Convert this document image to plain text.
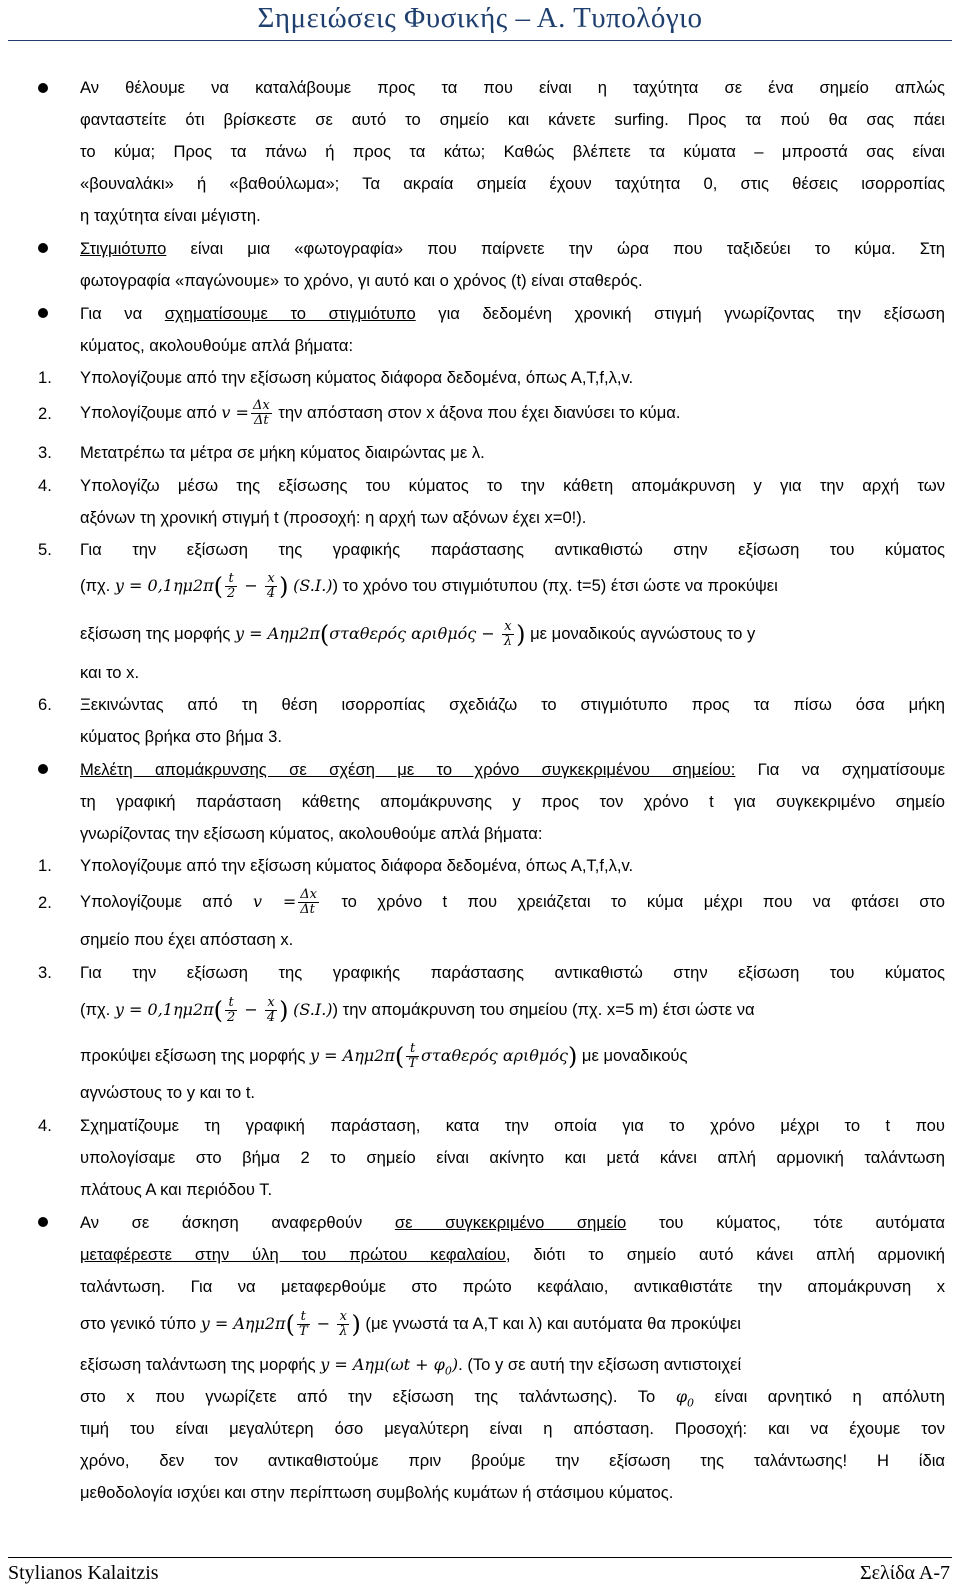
Σημειώσεις Φυσικής – Α. Τυπολόγιο
Αν θέλουμε να καταλάβουμε προς τα που είναι η ταχύτητα σε ένα σημείο απλώς
φανταστείτε ότι βρίσκεστε σε αυτό το σημείο και κάνετε surfing. Προς τα πού θα σας πάει
το κύμα; Προς τα πάνω ή προς τα κάτω; Καθώς βλέπετε τα κύματα – μπροστά σας είναι
«βουναλάκι» ή «βαθούλωμα»; Τα ακραία σημεία έχουν ταχύτητα 0, στις θέσεις ισορροπίας
η ταχύτητα είναι μέγιστη.
Στιγμιότυπο είναι μια «φωτογραφία» που παίρνετε την ώρα που ταξιδεύει το κύμα. Στη
φωτογραφία «παγώνουμε» το χρόνο, γι αυτό και ο χρόνος (t) είναι σταθερός.
Για να σχηματίσουμε το στιγμιότυπο για δεδομένη χρονική στιγμή γνωρίζοντας την εξίσωση
κύματος, ακολουθούμε απλά βήματα:
1. Υπολογίζουμε από την εξίσωση κύματος διάφορα δεδομένα, όπως Α,Τ,f,λ,v.
2. Υπολογίζουμε από $v = \frac{\Delta x}{\Delta t}$ την απόσταση στον x άξονα που έχει διανύσει το κύμα.
3. Μετατρέπω τα μέτρα σε μήκη κύματος διαιρώντας με λ.
4. Υπολογίζω μέσω της εξίσωσης του κύματος το την κάθετη απομάκρυνση y για την αρχή των
αξόνων τη χρονική στιγμή t (προσοχή: η αρχή των αξόνων έχει x=0!).
5. Για την εξίσωση της γραφικής παράστασης αντικαθιστώ στην εξίσωση του κύματος
(πχ. $y = 0,1\eta\mu 2\pi( \frac{t}{2} - \frac{x}{4}$ ) (S.I.)) το χρόνο του στιγμιότυπου (πχ. t=5) έτσι ώστε να προκύψει
εξίσωση της μορφής y = Αημ2π(σταθερός $\alpha\rho\iota\theta\mu ό\varsigma - \frac{x}{\lambda}$ ) με μοναδικούς αγνώστους το y
και το x.
6. Ξεκινώντας από τη θέση ισορροπίας σχεδιάζω το στιγμιότυπο προς τα πίσω όσα μήκη
κύματος βρήκα στο βήμα 3.
Μελέτη απομάκρυνσης σε σχέση με το χρόνο συγκεκριμένου σημείου: Για να σχηματίσουμε
τη γραφική παράσταση κάθετης απομάκρυνσης y προς τον χρόνο t για συγκεκριμένο σημείο
γνωρίζοντας την εξίσωση κύματος, ακολουθούμε απλά βήματα:
1. Υπολογίζουμε από την εξίσωση κύματος διάφορα δεδομένα, όπως Α,Τ,f,λ,v.
2. Υπολογίζουμε από $v = \frac{\Delta x}{\Delta t}$ το χρόνο t που χρειάζεται το κύμα μέχρι που να φτάσει στο
σημείο που έχει απόσταση x.
3. Για την εξίσωση της γραφικής παράστασης αντικαθιστώ στην εξίσωση του κύματος
(πχ. $y = 0,1\eta\mu 2\pi( \frac{t}{2} - \frac{x}{4}$ ) (S.I.)) την απομάκρυνση του σημείου (πχ. x=5 m) έτσι ώστε να
προκύψει εξίσωση της μορφής $y = A\eta\mu 2\pi( \frac{t}{T}$ σταθερός αριθμός) με μοναδικούς
αγνώστους το y και το t.
4. Σχηματίζουμε τη γραφική παράσταση, κατα την οποία για το χρόνο μέχρι το t που
υπολογίσαμε στο βήμα 2 το σημείο είναι ακίνητο και μετά κάνει απλή αρμονική ταλάντωση
πλάτους Α και περιόδου Τ.
Αν σε άσκηση αναφερθούν σε συγκεκριμένο σημείο του κύματος, τότε αυτόματα
μεταφέρεστε στην ύλη του πρώτου κεφαλαίου, διότι το σημείο αυτό κάνει απλή αρμονική
ταλάντωση. Για να μεταφερθούμε στο πρώτο κεφάλαιο, αντικαθιστάτε την απομάκρυνση x
στο γενικό τύπο $y = A\eta\mu 2\pi( \frac{t}{T} - \frac{x}{\lambda}$ ) (με γνωστά τα Α,Τ και λ) και αυτόματα θα προκύψει
εξίσωση ταλάντωση της μορφής $y = A\eta\mu(\omega t + \varphi_0)$. (Το y σε αυτή την εξίσωση αντιστοιχεί
στο x που γνωρίζετε από την εξίσωση της ταλάντωσης). Το $\varphi_0$ είναι αρνητικό η απόλυτη
τιμή του είναι μεγαλύτερη όσο μεγαλύτερη είναι η απόσταση. Προσοχή: και να έχουμε τον
χρόνο, δεν τον αντικαθιστούμε πριν βρούμε την εξίσωση της ταλάντωσης! Η ίδια
μεθοδολογία ισχύει και στην περίπτωση συμβολής κυμάτων ή στάσιμου κύματος.
Stylianos Kalaitzis	Σελίδα Α-7
